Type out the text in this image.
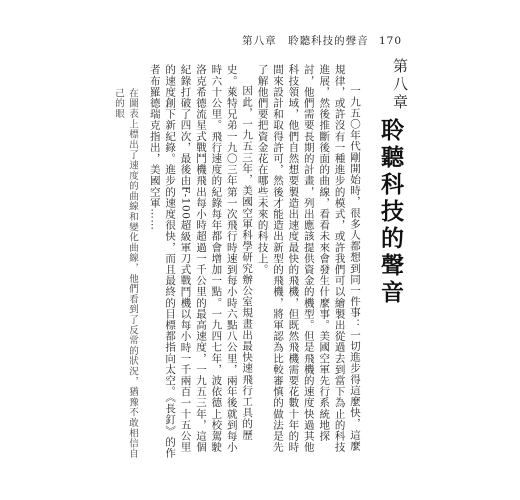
第八章　聆聽科技的聲音 170
第八章
聆聽科技的聲音

一九五〇年代剛開始時，很多人都想到同一件事：一切進步得這麼快，這麼規律，或許沒有一種進步的模式，或許我們可以繪製出從過去到當下為止的科技進展，然後推斷後面的曲線，看看未來會發生什麼事。美國空軍先行系統地探討，他們需要長期的計畫，列出應該提供資金的機型。但是飛機的速度快過其他科技領域，他們自然想要製造出速度最快的飛機，但既然飛機需要花數十年的時間來設計和取得許可，然後才能造出新型的飛機，將軍認為比較審慎的做法是先了解他們要把資金花在哪些未來的科技上。

因此，一九五三年，美國空軍科學研究辦公室規畫出最快速飛行工具的歷史。萊特兄弟一九〇三年第一次飛行時速到每小時六點八公里，兩年後就到每小時六十公里。飛行速度的紀錄每年都會增加一點。一九四七年，波依德上校駕駛洛克希德流星式戰鬥機飛出每小時超過一千公里的最高速度，一九五三年，這個紀錄打破了四次，最後由F-100超級軍刀式戰鬥機以每小時一千兩百一十五公里的速度創下新紀錄。進步的速度很快，而且最終的目標都指向太空。《長釘》的作者布羅德瑞克指出，美國空軍……

在圖表上標出了速度的曲線和變化曲線，他們看到了反常的狀況，猶豫不敢相信自己的眼
